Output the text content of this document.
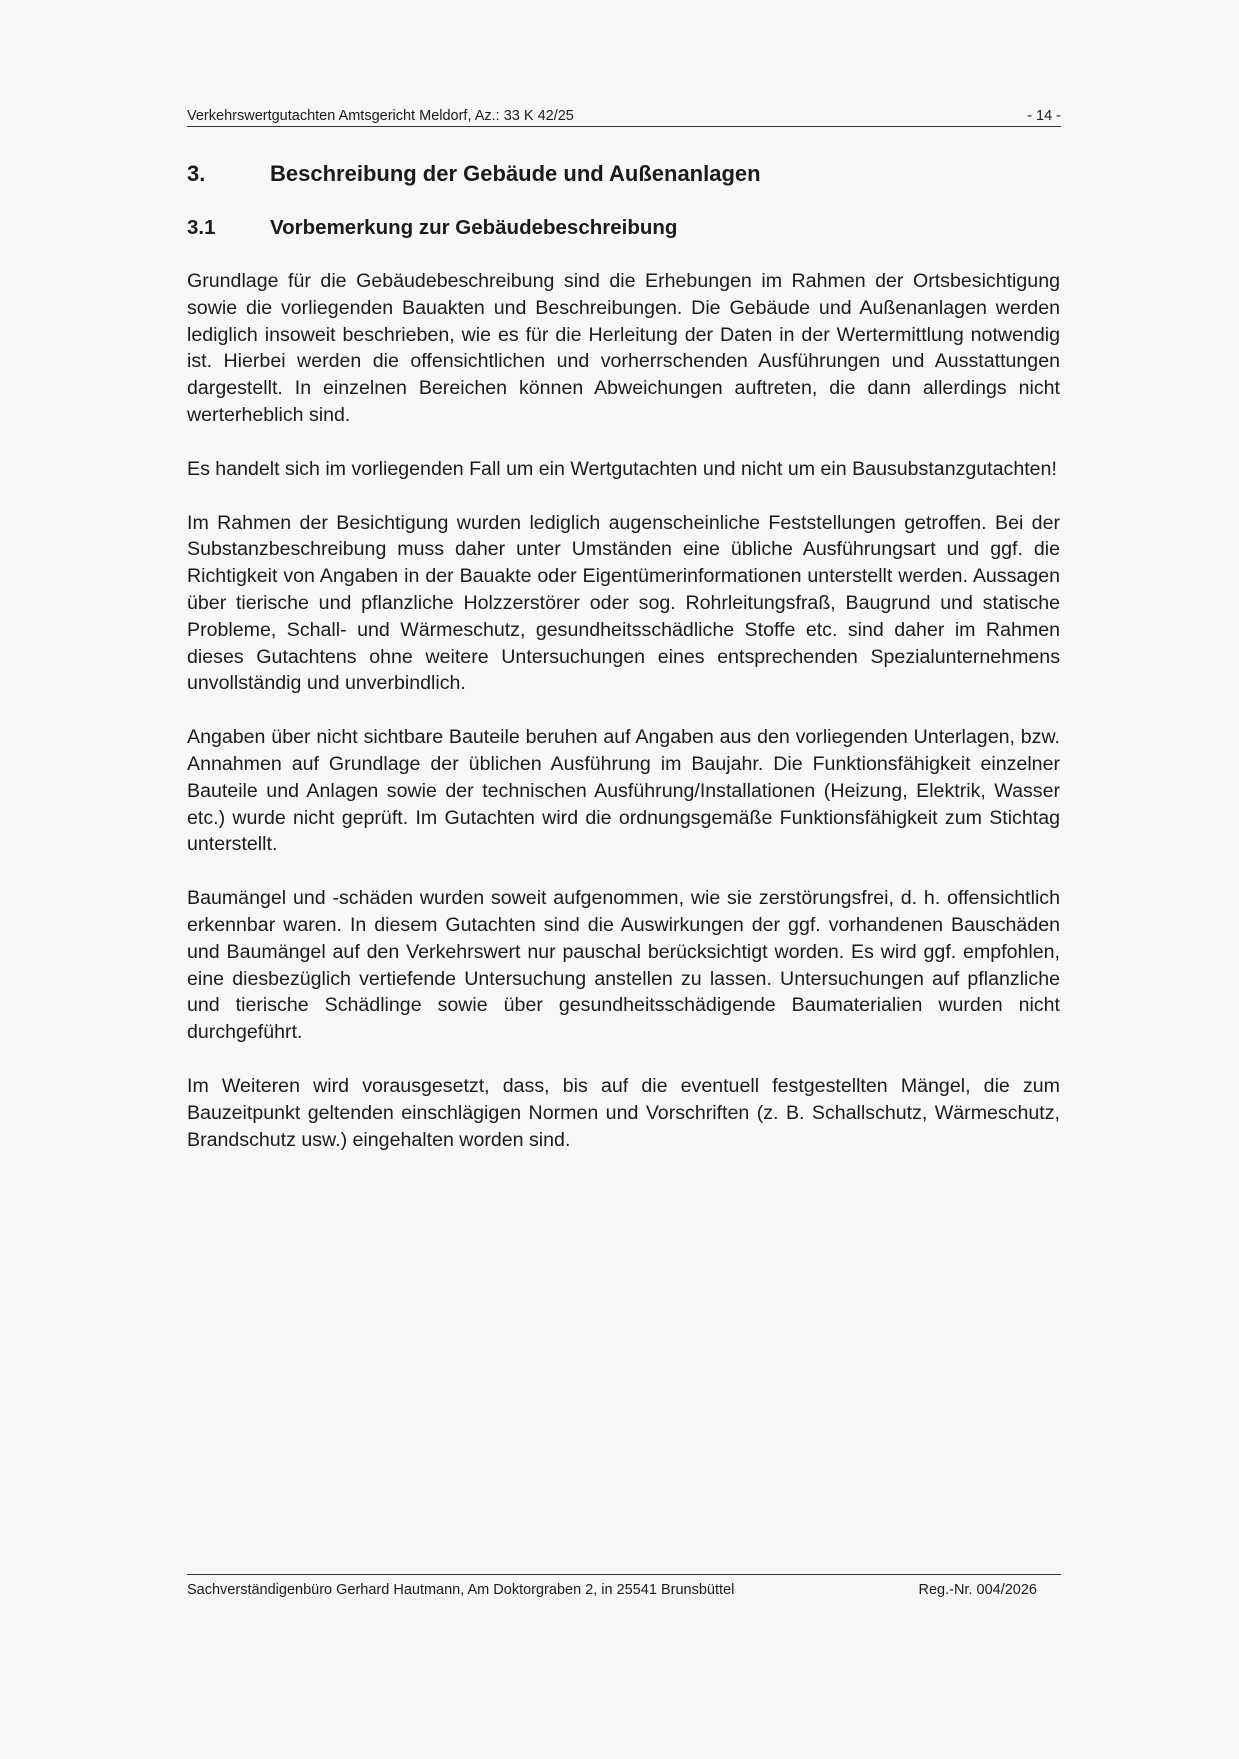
Verkehrswertgutachten Amtsgericht Meldorf, Az.: 33 K 42/25	- 14 -
3.	Beschreibung der Gebäude und Außenanlagen
3.1	Vorbemerkung zur Gebäudebeschreibung

Grundlage für die Gebäudebeschreibung sind die Erhebungen im Rahmen der Ortsbesichtigung sowie die vorliegenden Bauakten und Beschreibungen. Die Gebäude und Außenanlagen werden lediglich insoweit beschrieben, wie es für die Herleitung der Daten in der Wertermittlung notwendig ist. Hierbei werden die offensichtlichen und vorherrschenden Ausführungen und Ausstattungen dargestellt. In einzelnen Bereichen können Abweichungen auftreten, die dann allerdings nicht werterheblich sind.

Es handelt sich im vorliegenden Fall um ein Wertgutachten und nicht um ein Bausubstanzgutachten!

Im Rahmen der Besichtigung wurden lediglich augenscheinliche Feststellungen getroffen. Bei der Substanzbeschreibung muss daher unter Umständen eine übliche Ausführungsart und ggf. die Richtigkeit von Angaben in der Bauakte oder Eigentümerinformationen unterstellt werden. Aussagen über tierische und pflanzliche Holzzerstörer oder sog. Rohrleitungsfraß, Baugrund und statische Probleme, Schall- und Wärmeschutz, gesundheitsschädliche Stoffe etc. sind daher im Rahmen dieses Gutachtens ohne weitere Untersuchungen eines entsprechenden Spezialunternehmens unvollständig und unverbindlich.

Angaben über nicht sichtbare Bauteile beruhen auf Angaben aus den vorliegenden Unterlagen, bzw. Annahmen auf Grundlage der üblichen Ausführung im Baujahr. Die Funktionsfähigkeit einzelner Bauteile und Anlagen sowie der technischen Ausführung/Installationen (Heizung, Elektrik, Wasser etc.) wurde nicht geprüft. Im Gutachten wird die ordnungsgemäße Funktionsfähigkeit zum Stichtag unterstellt.

Baumängel und -schäden wurden soweit aufgenommen, wie sie zerstörungsfrei, d. h. offensichtlich erkennbar waren. In diesem Gutachten sind die Auswirkungen der ggf. vorhandenen Bauschäden und Baumängel auf den Verkehrswert nur pauschal berücksichtigt worden. Es wird ggf. empfohlen, eine diesbezüglich vertiefende Untersuchung anstellen zu lassen. Untersuchungen auf pflanzliche und tierische Schädlinge sowie über gesundheitsschädigende Baumaterialien wurden nicht durchgeführt.

Im Weiteren wird vorausgesetzt, dass, bis auf die eventuell festgestellten Mängel, die zum Bauzeitpunkt geltenden einschlägigen Normen und Vorschriften (z. B. Schallschutz, Wärmeschutz, Brandschutz usw.) eingehalten worden sind.

Sachverständigenbüro Gerhard Hautmann, Am Doktorgraben 2, in 25541 Brunsbüttel	Reg.-Nr. 004/2026
